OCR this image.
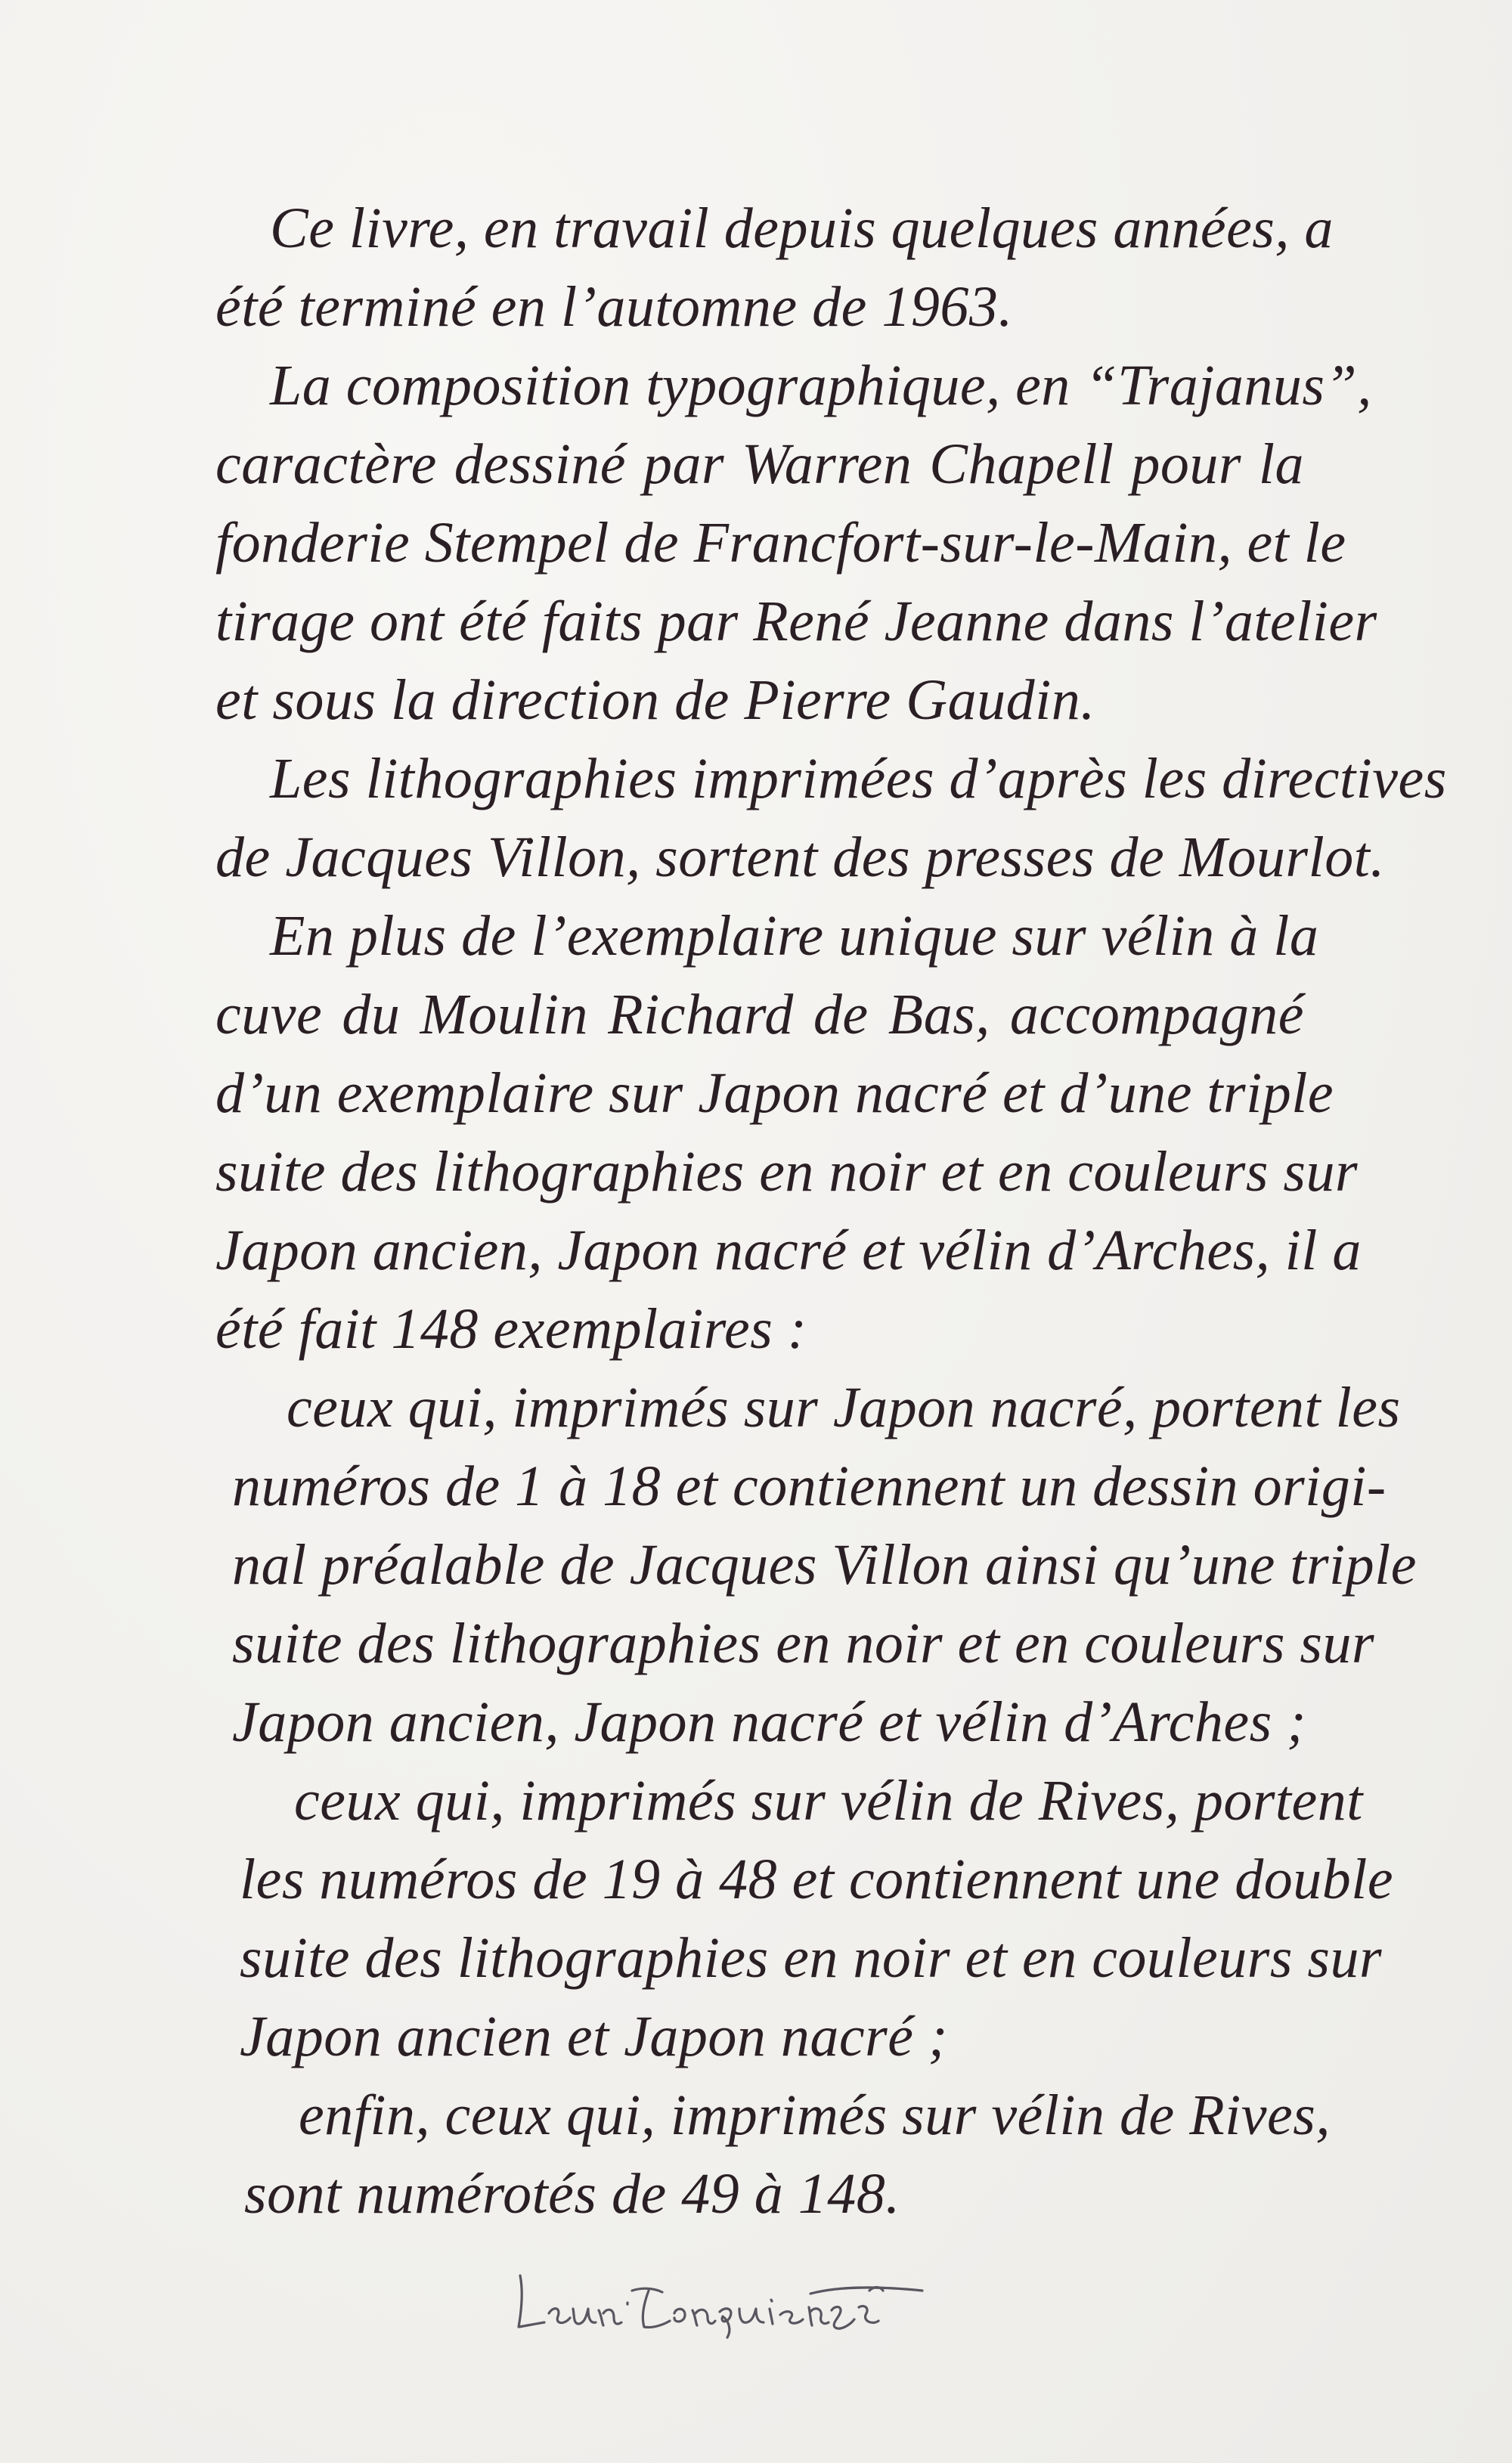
Ce livre, en travail depuis quelques années, a
été terminé en l’automne de 1963.

La composition typographique, en “Trajanus”,
caractère dessiné par Warren Chapell pour la
fonderie Stempel de Francfort-sur-le-Main, et le
tirage ont été faits par René Jeanne dans l’atelier
et sous la direction de Pierre Gaudin.

Les lithographies imprimées d’après les directives
de Jacques Villon, sortent des presses de Mourlot.

En plus de l’exemplaire unique sur vélin à la
cuve du Moulin Richard de Bas, accompagné
d’un exemplaire sur Japon nacré et d’une triple
suite des lithographies en noir et en couleurs sur
Japon ancien, Japon nacré et vélin d’Arches, il a
été fait 148 exemplaires :

ceux qui, imprimés sur Japon nacré, portent les
numéros de 1 à 18 et contiennent un dessin origi-
nal préalable de Jacques Villon ainsi qu’une triple
suite des lithographies en noir et en couleurs sur
Japon ancien, Japon nacré et vélin d’Arches ;

ceux qui, imprimés sur vélin de Rives, portent
les numéros de 19 à 48 et contiennent une double
suite des lithographies en noir et en couleurs sur
Japon ancien et Japon nacré ;

enfin, ceux qui, imprimés sur vélin de Rives,
sont numérotés de 49 à 148.
